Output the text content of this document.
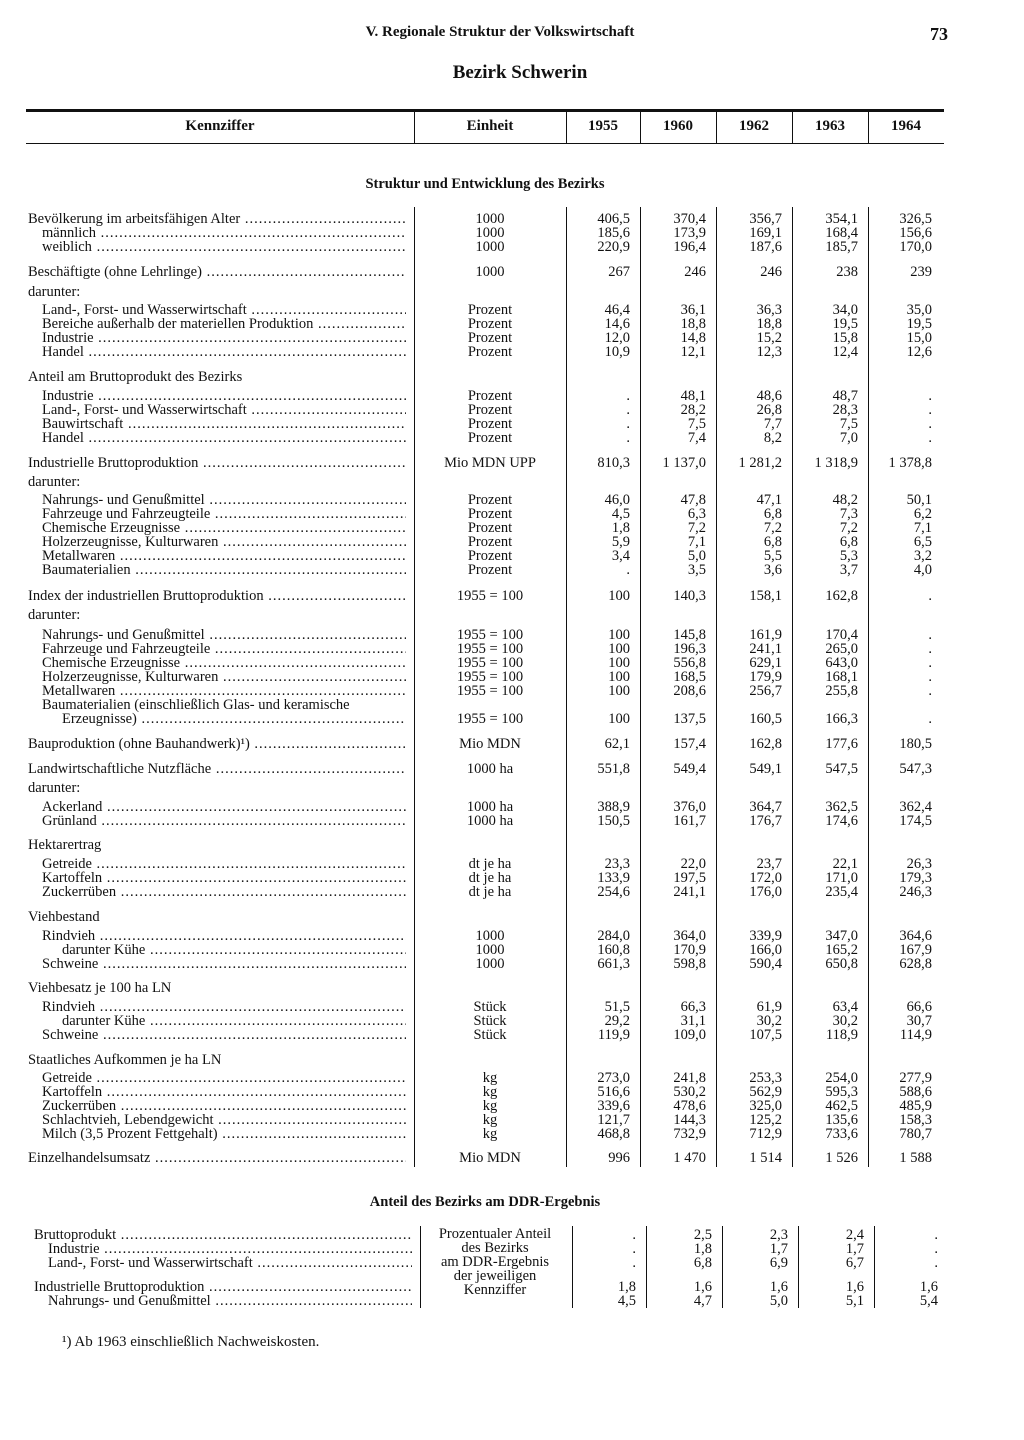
V. Regionale Struktur der Volkswirtschaft	73
Bezirk Schwerin
Kennziffer	Einheit	1955	1960	1962	1963	1964
Struktur und Entwicklung des Bezirks
Bevölkerung im arbeitsfähigen Alter .....	1000	406,5	370,4	356,7	354,1	326,5
männlich .....	1000	185,6	173,9	169,1	168,4	156,6
weiblich .....	1000	220,9	196,4	187,6	185,7	170,0
Beschäftigte (ohne Lehrlinge) .....	1000	267	246	246	238	239
darunter:
Land-, Forst- und Wasserwirtschaft .....	Prozent	46,4	36,1	36,3	34,0	35,0
Bereiche außerhalb der materiellen Produktion .....	Prozent	14,6	18,8	18,8	19,5	19,5
Industrie .....	Prozent	12,0	14,8	15,2	15,8	15,0
Handel .....	Prozent	10,9	12,1	12,3	12,4	12,6
Anteil am Bruttoprodukt des Bezirks
Industrie .....	Prozent	.	48,1	48,6	48,7	.
Land-, Forst- und Wasserwirtschaft .....	Prozent	.	28,2	26,8	28,3	.
Bauwirtschaft .....	Prozent	.	7,5	7,7	7,5	.
Handel .....	Prozent	.	7,4	8,2	7,0	.
Industrielle Bruttoproduktion .....	Mio MDN UPP	810,3	1 137,0	1 281,2	1 318,9	1 378,8
darunter:
Nahrungs- und Genußmittel .....	Prozent	46,0	47,8	47,1	48,2	50,1
Fahrzeuge und Fahrzeugteile .....	Prozent	4,5	6,3	6,8	7,3	6,2
Chemische Erzeugnisse .....	Prozent	1,8	7,2	7,2	7,2	7,1
Holzerzeugnisse, Kulturwaren .....	Prozent	5,9	7,1	6,8	6,8	6,5
Metallwaren .....	Prozent	3,4	5,0	5,5	5,3	3,2
Baumaterialien .....	Prozent	.	3,5	3,6	3,7	4,0
Index der industriellen Bruttoproduktion .....	1955 = 100	100	140,3	158,1	162,8	.
darunter:
Nahrungs- und Genußmittel .....	1955 = 100	100	145,8	161,9	170,4	.
Fahrzeuge und Fahrzeugteile .....	1955 = 100	100	196,3	241,1	265,0	.
Chemische Erzeugnisse .....	1955 = 100	100	556,8	629,1	643,0	.
Holzerzeugnisse, Kulturwaren .....	1955 = 100	100	168,5	179,9	168,1	.
Metallwaren .....	1955 = 100	100	208,6	256,7	255,8	.
Baumaterialien (einschließlich Glas- und keramische
Erzeugnisse) .....	1955 = 100	100	137,5	160,5	166,3	.
Bauproduktion (ohne Bauhandwerk)¹) .....	Mio MDN	62,1	157,4	162,8	177,6	180,5
Landwirtschaftliche Nutzfläche .....	1000 ha	551,8	549,4	549,1	547,5	547,3
darunter:
Ackerland .....	1000 ha	388,9	376,0	364,7	362,5	362,4
Grünland .....	1000 ha	150,5	161,7	176,7	174,6	174,5
Hektarertrag
Getreide .....	dt je ha	23,3	22,0	23,7	22,1	26,3
Kartoffeln .....	dt je ha	133,9	197,5	172,0	171,0	179,3
Zuckerrüben .....	dt je ha	254,6	241,1	176,0	235,4	246,3
Viehbestand
Rindvieh .....	1000	284,0	364,0	339,9	347,0	364,6
darunter Kühe .....	1000	160,8	170,9	166,0	165,2	167,9
Schweine .....	1000	661,3	598,8	590,4	650,8	628,8
Viehbesatz je 100 ha LN
Rindvieh .....	Stück	51,5	66,3	61,9	63,4	66,6
darunter Kühe .....	Stück	29,2	31,1	30,2	30,2	30,7
Schweine .....	Stück	119,9	109,0	107,5	118,9	114,9
Staatliches Aufkommen je ha LN
Getreide .....	kg	273,0	241,8	253,3	254,0	277,9
Kartoffeln .....	kg	516,6	530,2	562,9	595,3	588,6
Zuckerrüben .....	kg	339,6	478,6	325,0	462,5	485,9
Schlachtvieh, Lebendgewicht .....	kg	121,7	144,3	125,2	135,6	158,3
Milch (3,5 Prozent Fettgehalt) .....	kg	468,8	732,9	712,9	733,6	780,7
Einzelhandelsumsatz .....	Mio MDN	996	1 470	1 514	1 526	1 588
Anteil des Bezirks am DDR-Ergebnis
Prozentualer Anteil
des Bezirks
am DDR-Ergebnis
der jeweiligen
Kennziffer
Bruttoprodukt .....	.	2,5	2,3	2,4	.
Industrie .....	.	1,8	1,7	1,7	.
Land-, Forst- und Wasserwirtschaft .....	.	6,8	6,9	6,7	.
Industrielle Bruttoproduktion .....	1,8	1,6	1,6	1,6	1,6
Nahrungs- und Genußmittel .....	4,5	4,7	5,0	5,1	5,4
¹) Ab 1963 einschließlich Nachweiskosten.
